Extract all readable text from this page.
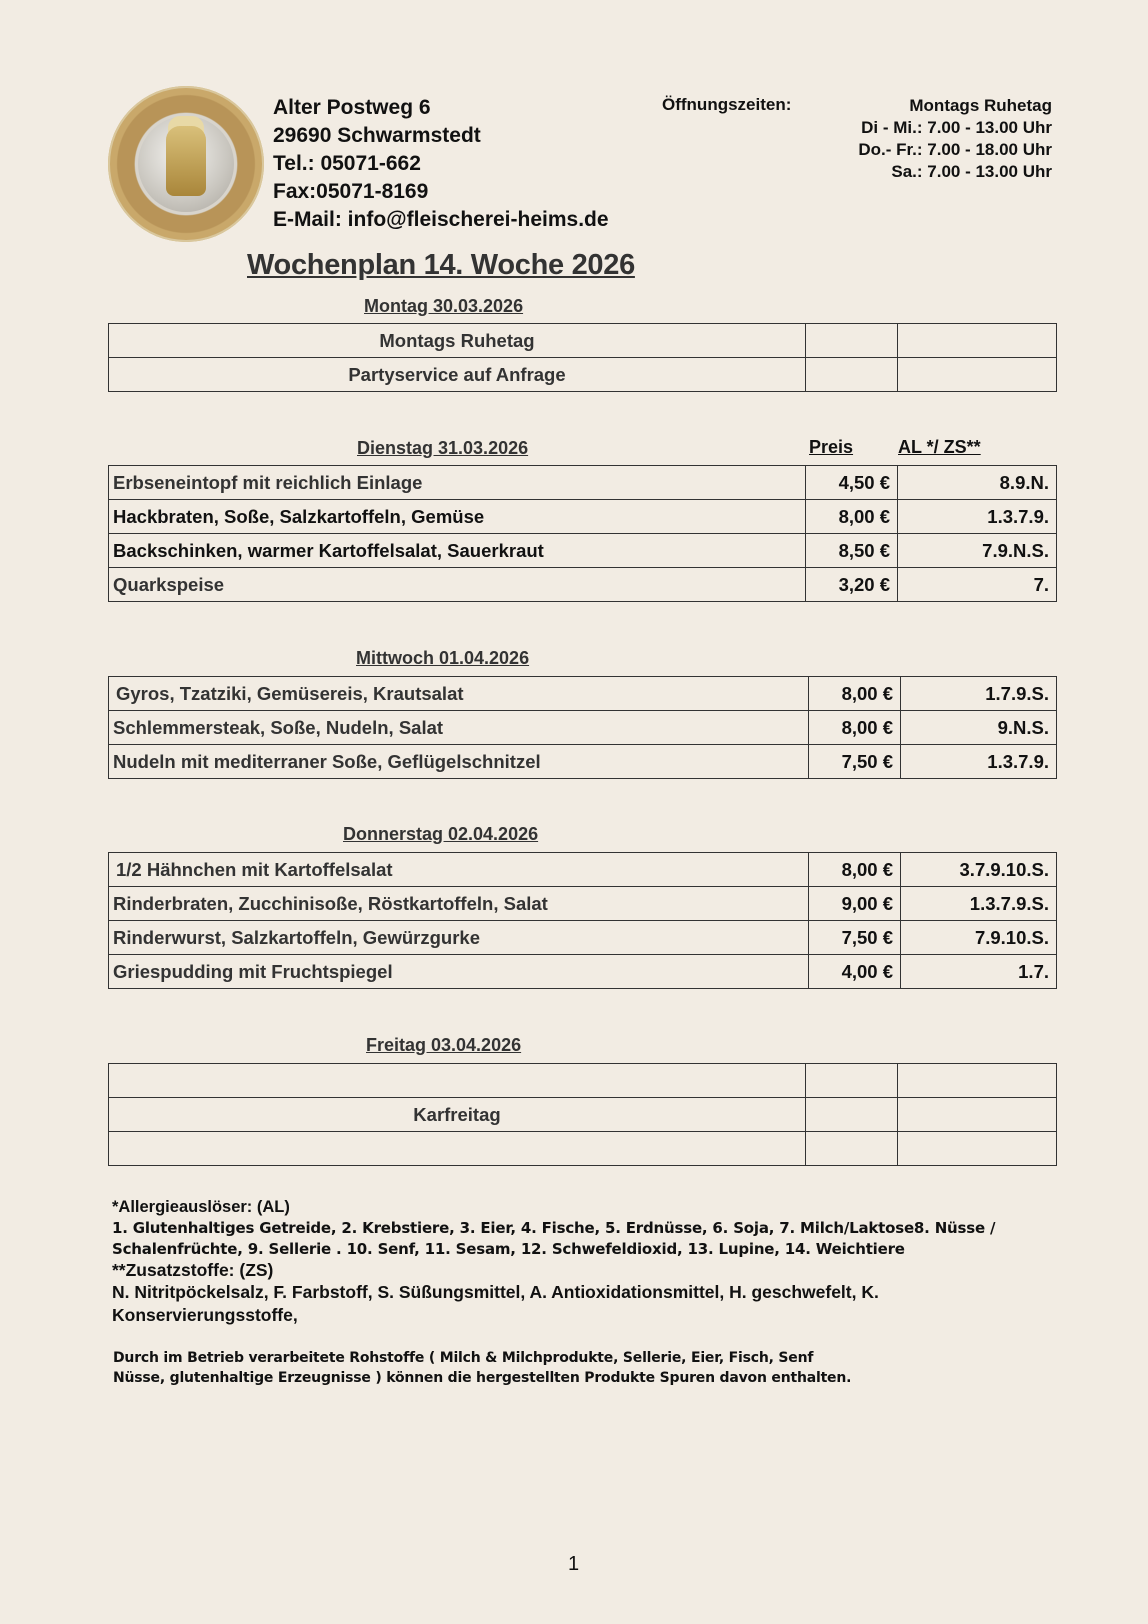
Alter Postweg 6
29690 Schwarmstedt
Tel.: 05071-662
Fax:05071-8169
E-Mail: info@fleischerei-heims.de
Öffnungszeiten:	Montags Ruhetag
Di - Mi.: 7.00 - 13.00 Uhr
Do.- Fr.: 7.00 - 18.00 Uhr
Sa.: 7.00 - 13.00 Uhr
Wochenplan 14. Woche 2026
Montag 30.03.2026
Montags Ruhetag		
Partyservice auf Anfrage		
Dienstag 31.03.2026	Preis AL */ ZS**
Erbseneintopf mit reichlich Einlage	4,50 €	8.9.N.
Hackbraten, Soße, Salzkartoffeln, Gemüse	8,00 €	1.3.7.9.
Backschinken, warmer Kartoffelsalat, Sauerkraut	8,50 €	7.9.N.S.
Quarkspeise	3,20 €	7.
Mittwoch 01.04.2026
Gyros, Tzatziki, Gemüsereis, Krautsalat	8,00 €	1.7.9.S.
Schlemmersteak, Soße, Nudeln, Salat	8,00 €	9.N.S.
Nudeln mit mediterraner Soße, Geflügelschnitzel	7,50 €	1.3.7.9.
Donnerstag 02.04.2026
1/2 Hähnchen mit Kartoffelsalat	8,00 €	3.7.9.10.S.
Rinderbraten, Zucchinisoße, Röstkartoffeln, Salat	9,00 €	1.3.7.9.S.
Rinderwurst, Salzkartoffeln, Gewürzgurke	7,50 €	7.9.10.S.
Griespudding mit Fruchtspiegel	4,00 €	1.7.
Freitag 03.04.2026

Karfreitag		

*Allergieauslöser: (AL)
1. Glutenhaltiges Getreide, 2. Krebstiere, 3. Eier, 4. Fische, 5. Erdnüsse, 6. Soja, 7. Milch/Laktose8. Nüsse /
Schalenfrüchte, 9. Sellerie . 10. Senf, 11. Sesam, 12. Schwefeldioxid, 13. Lupine, 14. Weichtiere
**Zusatzstoffe: (ZS)
N. Nitritpöckelsalz, F. Farbstoff, S. Süßungsmittel, A. Antioxidationsmittel, H. geschwefelt, K.
Konservierungsstoffe,
Durch im Betrieb verarbeitete Rohstoffe ( Milch & Milchprodukte, Sellerie, Eier, Fisch, Senf
Nüsse, glutenhaltige Erzeugnisse ) können die hergestellten Produkte Spuren davon enthalten.
1
